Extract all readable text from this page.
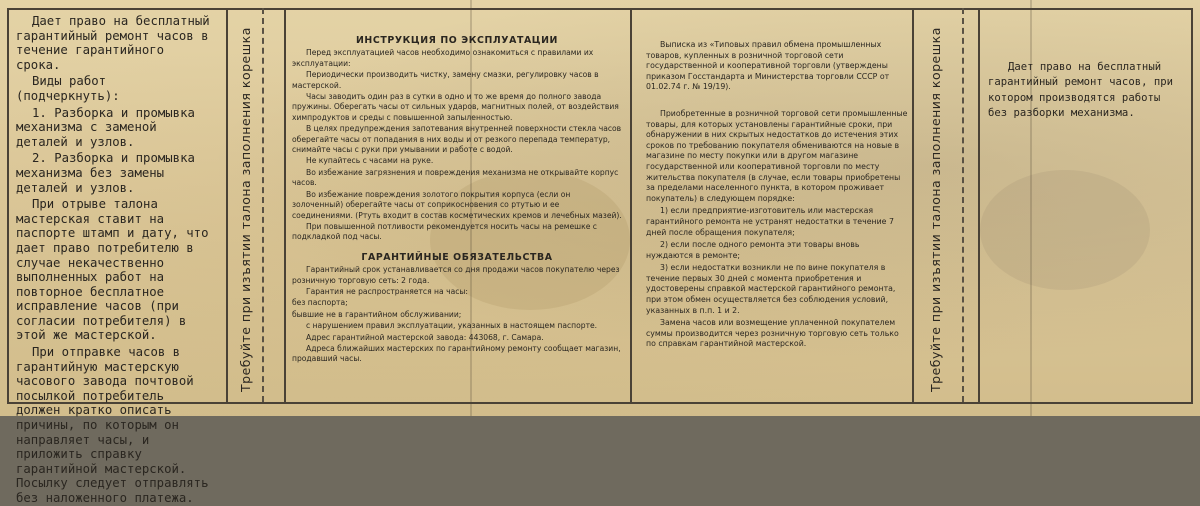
Дает право на бесплатный гарантийный ремонт часов в течение гарантийного срока.

Виды работ (подчеркнуть):

1. Разборка и промывка механизма с заменой деталей и узлов.

2. Разборка и промывка механизма без замены деталей и узлов.

При отрыве талона мастерская ставит на паспорте штамп и дату, что дает право потребителю в случае некачественно выполненных работ на повторное бесплатное исправление часов (при согласии потребителя) в этой же мастерской.

При отправке часов в гарантийную мастерскую часового завода почтовой посылкой потребитель должен кратко описать причины, по которым он направляет часы, и приложить справку гарантийной мастерской. Посылку следует отправлять без наложенного платежа.

Требуйте при изъятии талона заполнения корешка	ИНСТРУКЦИЯ ПО ЭКСПЛУАТАЦИИ

Перед эксплуатацией часов необходимо ознакомиться с правилами их эксплуатации:

Периодически производить чистку, замену смазки, регулировку часов в мастерской.

Часы заводить один раз в сутки в одно и то же время до полного завода пружины. Оберегать часы от сильных ударов, магнитных полей, от воздействия химпродуктов и среды с повышенной запыленностью.

В целях предупреждения запотевания внутренней поверхности стекла часов оберегайте часы от попадания в них воды и от резкого перепада температур, снимайте часы с руки при умывании и работе с водой.

Не купайтесь с часами на руке.

Во избежание загрязнения и повреждения механизма не открывайте корпус часов.

Во избежание повреждения золотого покрытия корпуса (если он золоченный) оберегайте часы от соприкосновения со ртутью и ее соединениями. (Ртуть входит в состав косметических кремов и лечебных мазей).

При повышенной потливости рекомендуется носить часы на ремешке с подкладкой под часы.

ГАРАНТИЙНЫЕ ОБЯЗАТЕЛЬСТВА

Гарантийный срок устанавливается со дня продажи часов покупателю через розничную торговую сеть: 2 года.

Гарантия не распространяется на часы:

без паспорта;

бывшие не в гарантийном обслуживании;

с нарушением правил эксплуатации, указанных в настоящем паспорте.

Адрес гарантийной мастерской завода: 443068, г. Самара.

Адреса ближайших мастерских по гарантийному ремонту сообщает магазин, продавший часы.

Выписка из «Типовых правил обмена промышленных товаров, купленных в розничной торговой сети государственной и кооперативной торговли (утверждены приказом Госстандарта и Министерства торговли СССР от 01.02.74 г. № 19/19).

Приобретенные в розничной торговой сети промышленные товары, для которых установлены гарантийные сроки, при обнаружении в них скрытых недостатков до истечения этих сроков по требованию покупателя обмениваются на новые в магазине по месту покупки или в другом магазине государственной или кооперативной торговли по месту жительства покупателя (в случае, если товары приобретены за пределами населенного пункта, в котором проживает покупатель) в следующем порядке:

1) если предприятие-изготовитель или мастерская гарантийного ремонта не устранят недостатки в течение 7 дней после обращения покупателя;

2) если после одного ремонта эти товары вновь нуждаются в ремонте;

3) если недостатки возникли не по вине покупателя в течение первых 30 дней с момента приобретения и удостоверены справкой мастерской гарантийного ремонта, при этом обмен осуществляется без соблюдения условий, указанных в п.п. 1 и 2.

Замена часов или возмещение уплаченной покупателем суммы производится через розничную торговую сеть только по справкам гарантийной мастерской.	Требуйте при изъятии талона заполнения корешка	Дает право на бесплатный гарантийный ремонт часов, при котором производятся работы без разборки механизма.
